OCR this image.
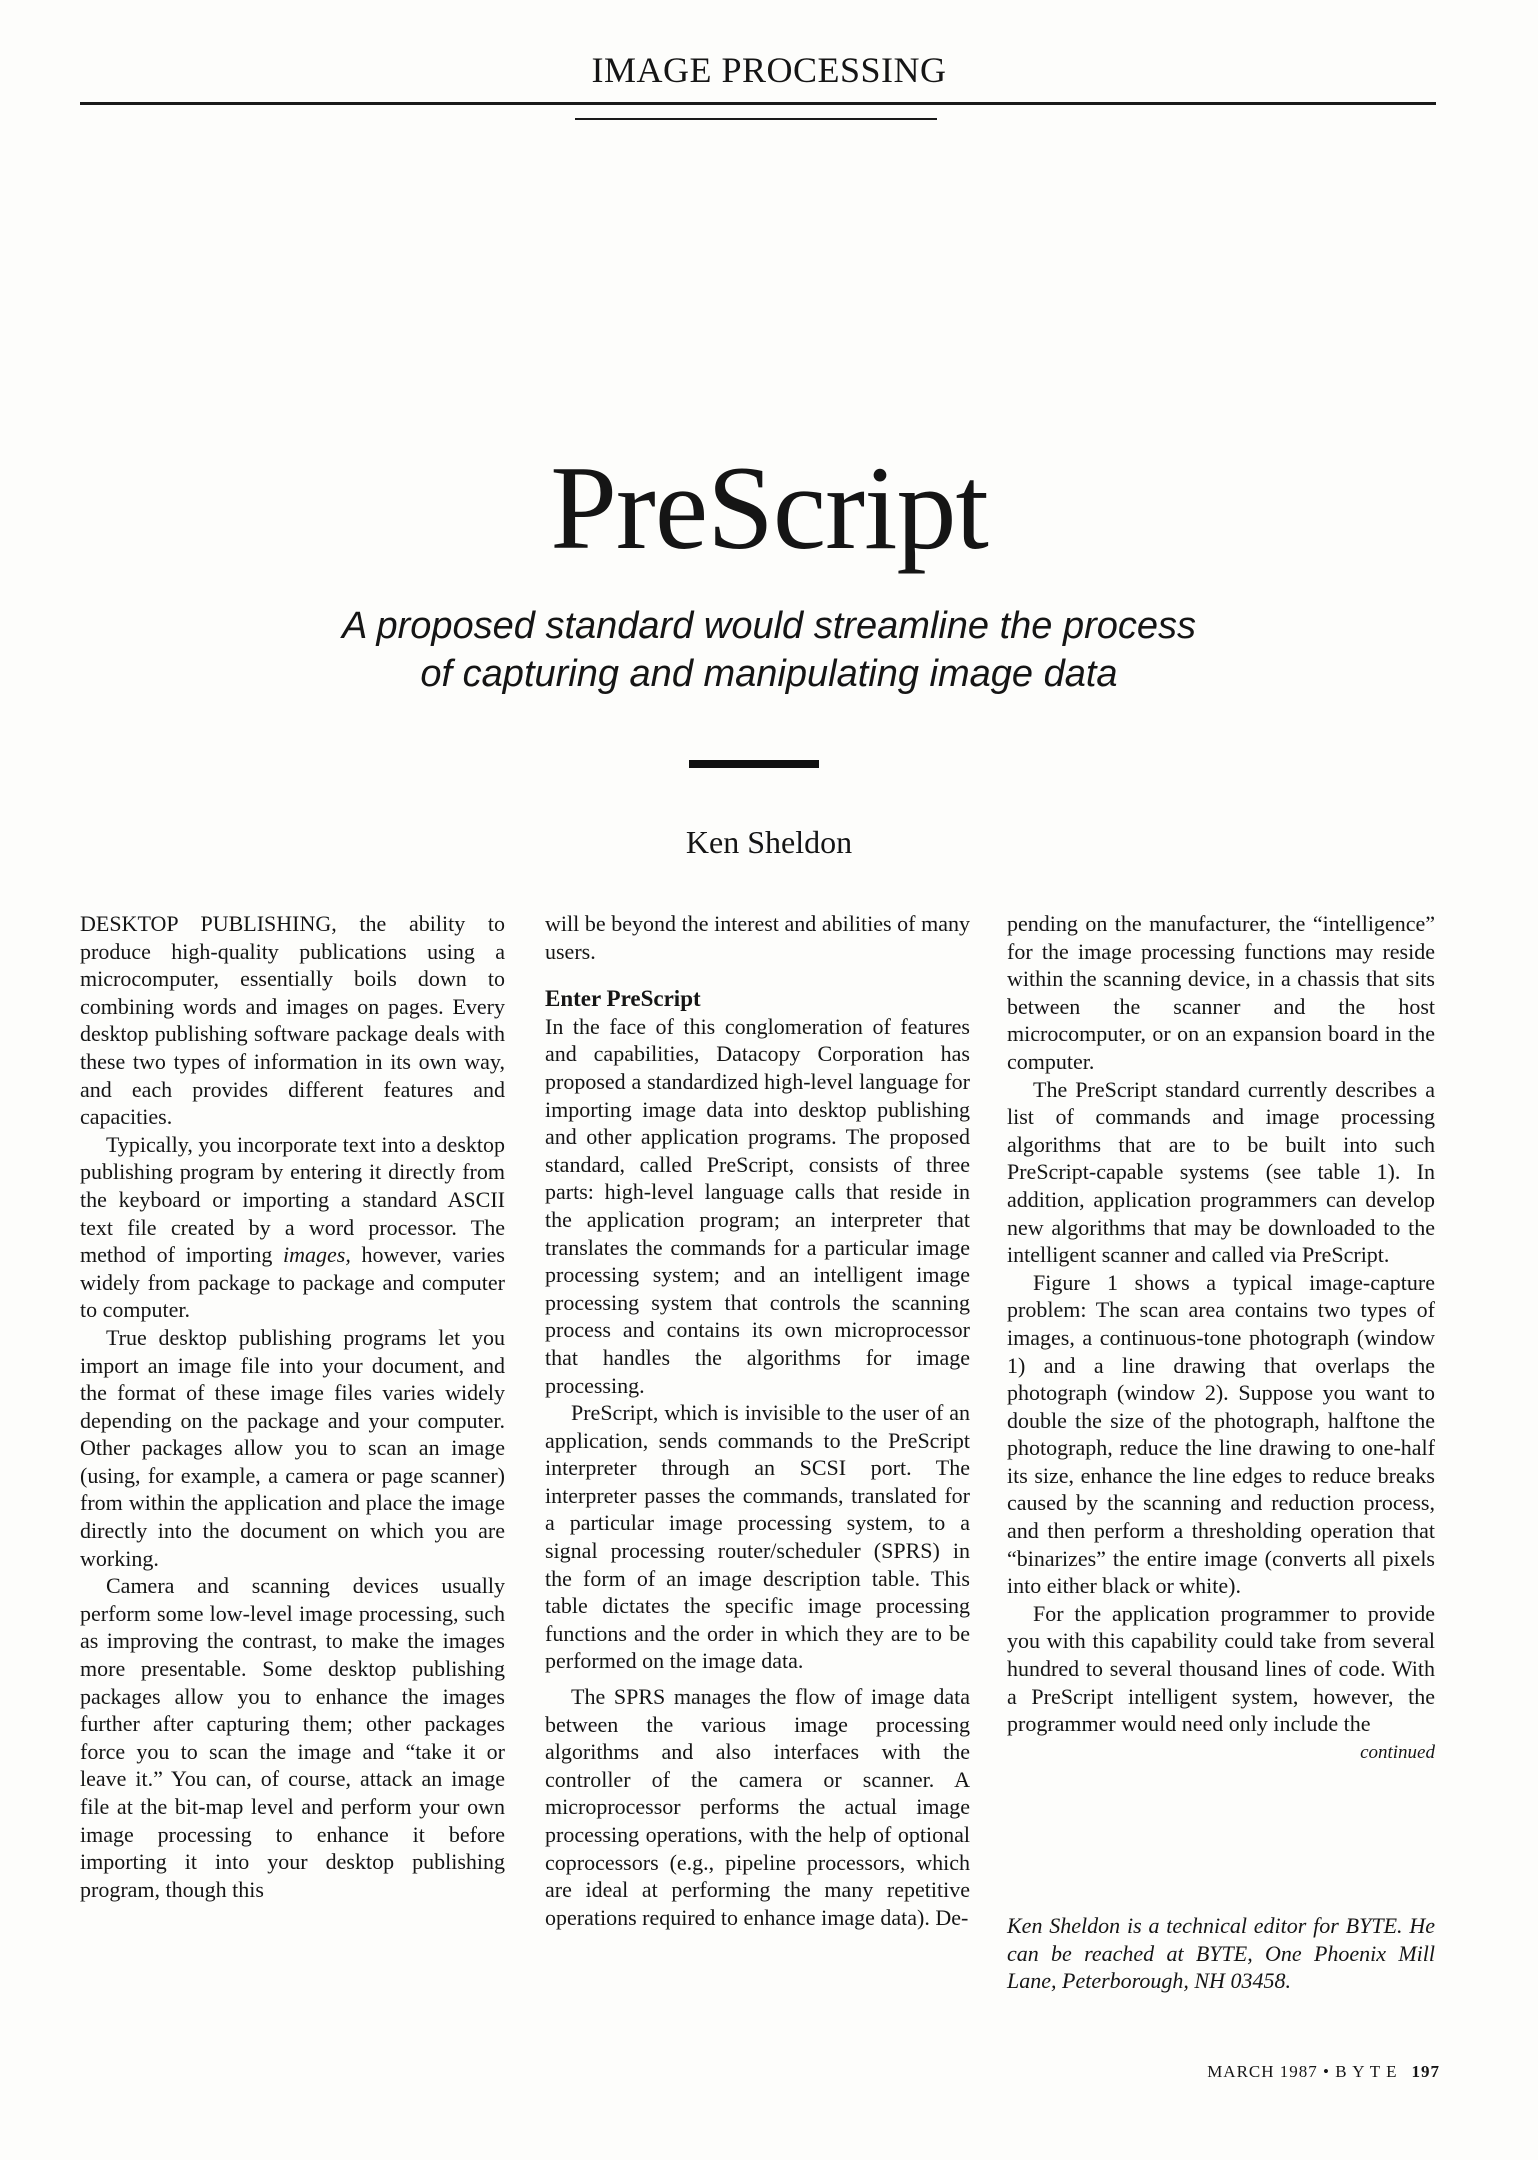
IMAGE PROCESSING
PreScript
A proposed standard would streamline the process
of capturing and manipulating image data
Ken Sheldon

DESKTOP PUBLISHING, the ability to produce high-quality publications using a microcomputer, essentially boils down to combining words and images on pages. Every desktop publishing software package deals with these two types of information in its own way, and each provides different features and capacities.

Typically, you incorporate text into a desktop publishing program by entering it directly from the keyboard or importing a standard ASCII text file created by a word processor. The method of importing images, however, varies widely from package to package and computer to computer.

True desktop publishing programs let you import an image file into your document, and the format of these image files varies widely depending on the package and your computer. Other packages allow you to scan an image (using, for example, a camera or page scanner) from within the application and place the image directly into the document on which you are working.

Camera and scanning devices usually perform some low-level image processing, such as improving the contrast, to make the images more presentable. Some desktop publishing packages allow you to enhance the images further after capturing them; other packages force you to scan the image and “take it or leave it.” You can, of course, attack an image file at the bit-map level and perform your own image processing to enhance it before importing it into your desktop publishing program, though this

will be beyond the interest and abilities of many users.

Enter PreScript

In the face of this conglomeration of features and capabilities, Datacopy Corporation has proposed a standardized high-level language for importing image data into desktop publishing and other application programs. The proposed standard, called PreScript, consists of three parts: high-level language calls that reside in the application program; an interpreter that translates the commands for a particular image processing system; and an intelligent image processing system that controls the scanning process and contains its own microprocessor that handles the algorithms for image processing.

PreScript, which is invisible to the user of an application, sends commands to the PreScript interpreter through an SCSI port. The interpreter passes the commands, translated for a particular image processing system, to a signal processing router/scheduler (SPRS) in the form of an image description table. This table dictates the specific image processing functions and the order in which they are to be performed on the image data.

The SPRS manages the flow of image data between the various image processing algorithms and also interfaces with the controller of the camera or scanner. A microprocessor performs the actual image processing operations, with the help of optional coprocessors (e.g., pipeline processors, which are ideal at performing the many repetitive operations required to enhance image data). De-

pending on the manufacturer, the “intelligence” for the image processing functions may reside within the scanning device, in a chassis that sits between the scanner and the host microcomputer, or on an expansion board in the computer.

The PreScript standard currently describes a list of commands and image processing algorithms that are to be built into such PreScript-capable systems (see table 1). In addition, application programmers can develop new algorithms that may be downloaded to the intelligent scanner and called via PreScript.

Figure 1 shows a typical image-capture problem: The scan area contains two types of images, a continuous-tone photograph (window 1) and a line drawing that overlaps the photograph (window 2). Suppose you want to double the size of the photograph, halftone the photograph, reduce the line drawing to one-half its size, enhance the line edges to reduce breaks caused by the scanning and reduction process, and then perform a thresholding operation that “binarizes” the entire image (converts all pixels into either black or white).

For the application programmer to provide you with this capability could take from several hundred to several thousand lines of code. With a PreScript intelligent system, however, the programmer would need only include the

continued
Ken Sheldon is a technical editor for BYTE. He can be reached at BYTE, One Phoenix Mill Lane, Peterborough, NH 03458.
MARCH 1987 • B Y T E 197
